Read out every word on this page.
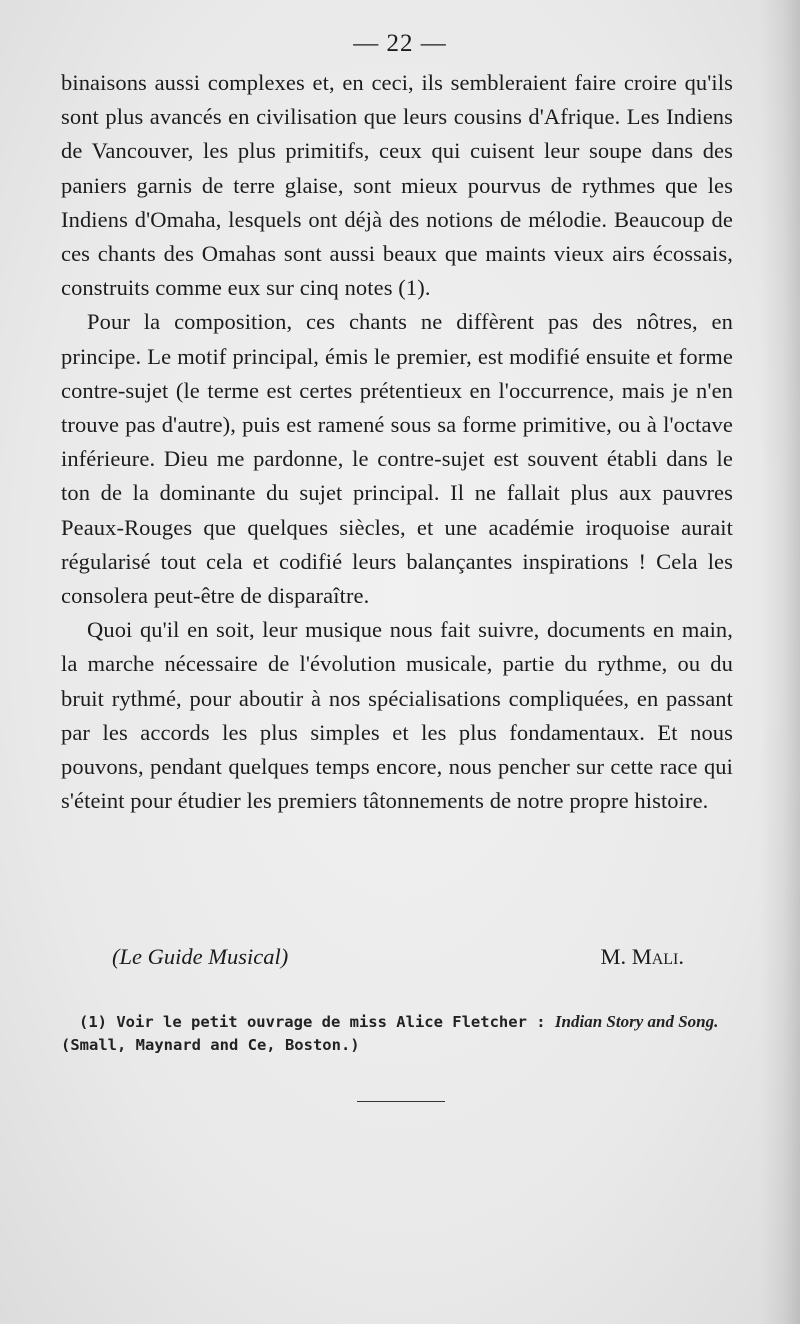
— 22 —

binaisons aussi complexes et, en ceci, ils sembleraient faire croire qu'ils sont plus avancés en civilisation que leurs cousins d'Afrique. Les Indiens de Vancouver, les plus primitifs, ceux qui cuisent leur soupe dans des paniers garnis de terre glaise, sont mieux pourvus de rythmes que les Indiens d'Omaha, lesquels ont déjà des notions de mélodie. Beaucoup de ces chants des Omahas sont aussi beaux que maints vieux airs écossais, construits comme eux sur cinq notes (1).

Pour la composition, ces chants ne diffèrent pas des nôtres, en principe. Le motif principal, émis le premier, est modifié ensuite et forme contre-sujet (le terme est certes prétentieux en l'occurrence, mais je n'en trouve pas d'autre), puis est ramené sous sa forme primitive, ou à l'octave inférieure. Dieu me pardonne, le contre-sujet est souvent établi dans le ton de la dominante du sujet principal. Il ne fallait plus aux pauvres Peaux-Rouges que quelques siècles, et une académie iroquoise aurait régularisé tout cela et codifié leurs balançantes inspirations ! Cela les consolera peut-être de disparaître.

Quoi qu'il en soit, leur musique nous fait suivre, documents en main, la marche nécessaire de l'évolution musicale, partie du rythme, ou du bruit rythmé, pour aboutir à nos spécialisations compliquées, en passant par les accords les plus simples et les plus fondamentaux. Et nous pouvons, pendant quelques temps encore, nous pencher sur cette race qui s'éteint pour étudier les premiers tâtonnements de notre propre histoire.

(Le Guide Musical)	M. Mali.
(1) Voir le petit ouvrage de miss Alice Fletcher : Indian Story and Song.
(Small, Maynard and Ce, Boston.)
